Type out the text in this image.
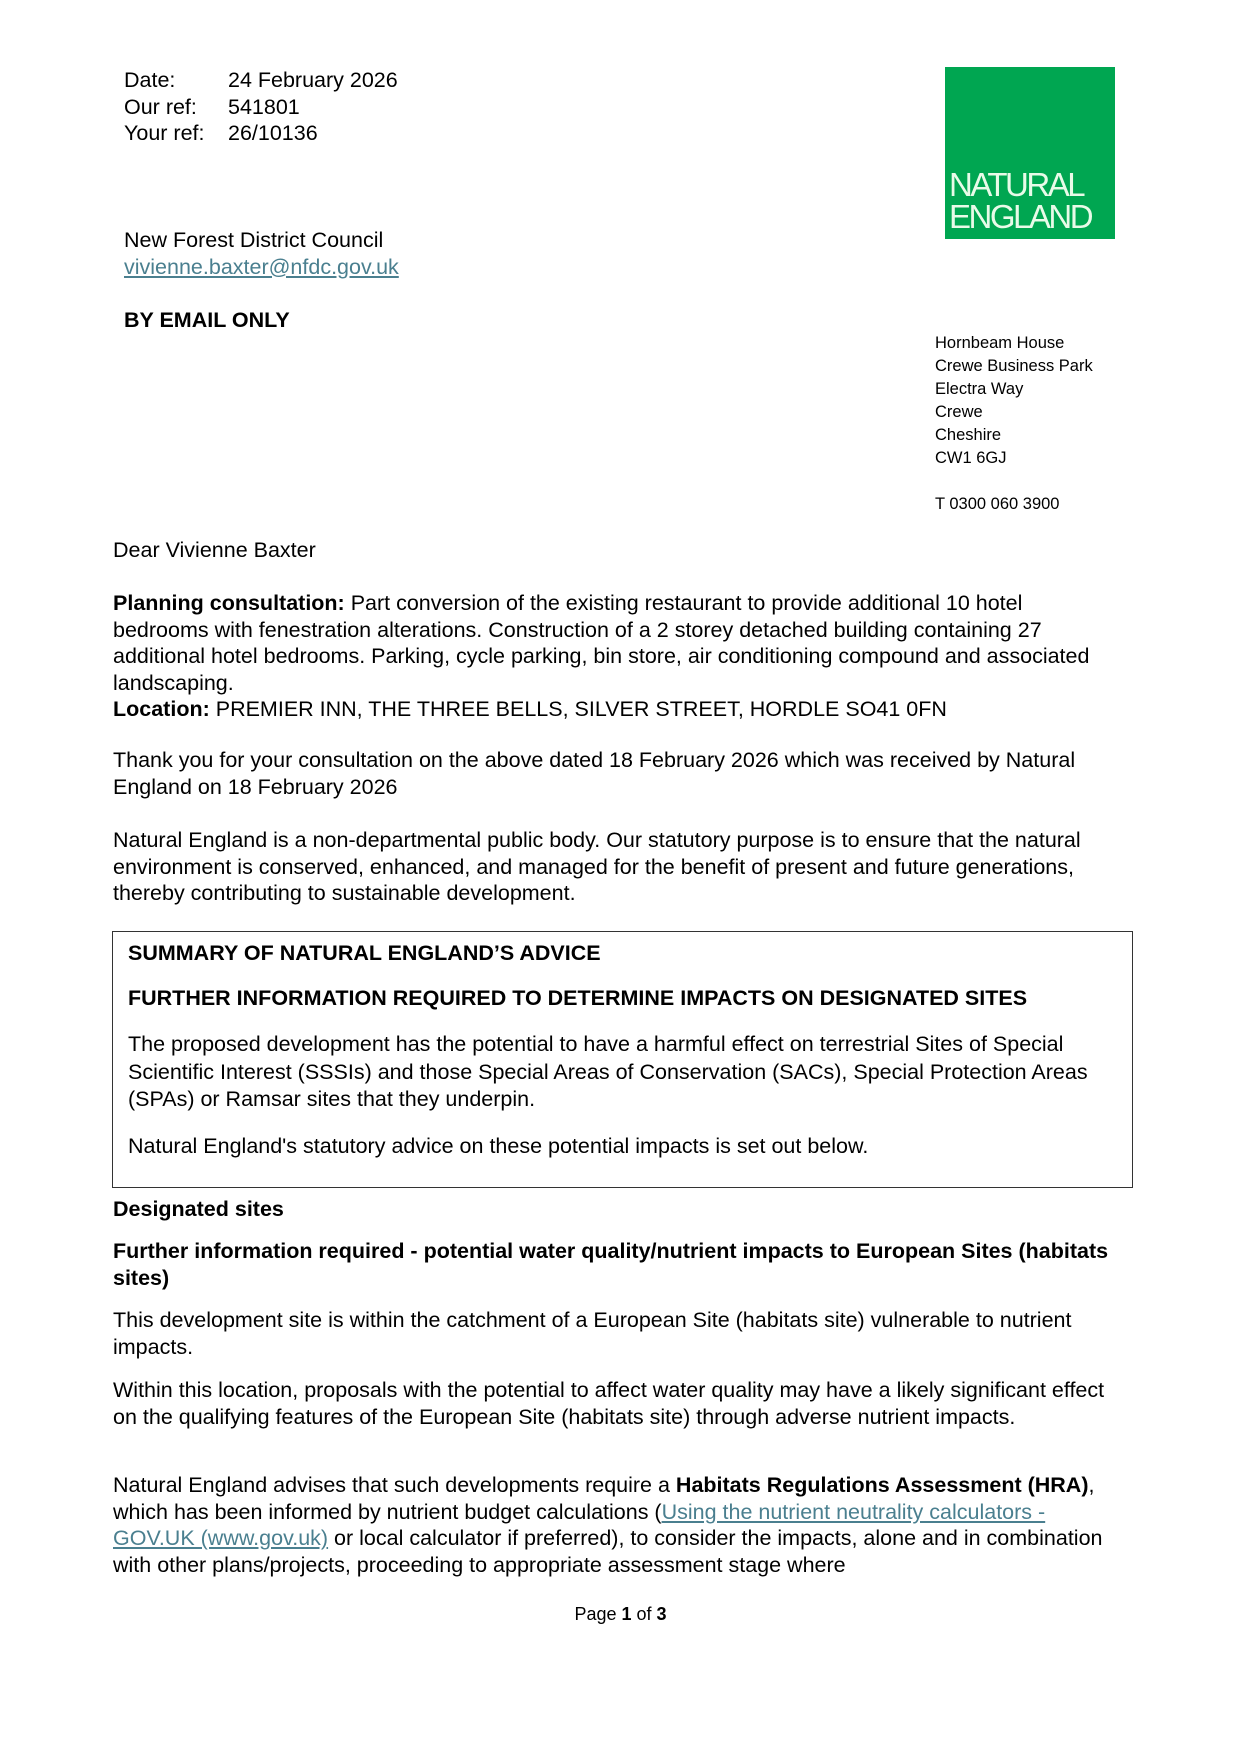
Date:	24 February 2026
Our ref:	541801
Your ref:	26/10136
NATURAL
ENGLAND
New Forest District Council
vivienne.baxter@nfdc.gov.uk
BY EMAIL ONLY
Hornbeam House
Crewe Business Park
Electra Way
Crewe
Cheshire
CW1 6GJ
T 0300 060 3900
Dear Vivienne Baxter
Planning consultation: Part conversion of the existing restaurant to provide additional 10 hotel bedrooms with fenestration alterations. Construction of a 2 storey detached building containing 27 additional hotel bedrooms. Parking, cycle parking, bin store, air conditioning compound and associated landscaping.
Location: PREMIER INN, THE THREE BELLS, SILVER STREET, HORDLE SO41 0FN
Thank you for your consultation on the above dated 18 February 2026 which was received by Natural England on 18 February 2026
Natural England is a non-departmental public body. Our statutory purpose is to ensure that the natural environment is conserved, enhanced, and managed for the benefit of present and future generations, thereby contributing to sustainable development.
SUMMARY OF NATURAL ENGLAND’S ADVICE
FURTHER INFORMATION REQUIRED TO DETERMINE IMPACTS ON DESIGNATED SITES
The proposed development has the potential to have a harmful effect on terrestrial Sites of Special Scientific Interest (SSSIs) and those Special Areas of Conservation (SACs), Special Protection Areas (SPAs) or Ramsar sites that they underpin.
Natural England's statutory advice on these potential impacts is set out below.
Designated sites
Further information required - potential water quality/nutrient impacts to European Sites (habitats sites)
This development site is within the catchment of a European Site (habitats site) vulnerable to nutrient impacts.
Within this location, proposals with the potential to affect water quality may have a likely significant effect on the qualifying features of the European Site (habitats site) through adverse nutrient impacts.
Natural England advises that such developments require a Habitats Regulations Assessment (HRA), which has been informed by nutrient budget calculations (Using the nutrient neutrality calculators - GOV.UK (www.gov.uk) or local calculator if preferred), to consider the impacts, alone and in combination with other plans/projects, proceeding to appropriate assessment stage where
Page 1 of 3
